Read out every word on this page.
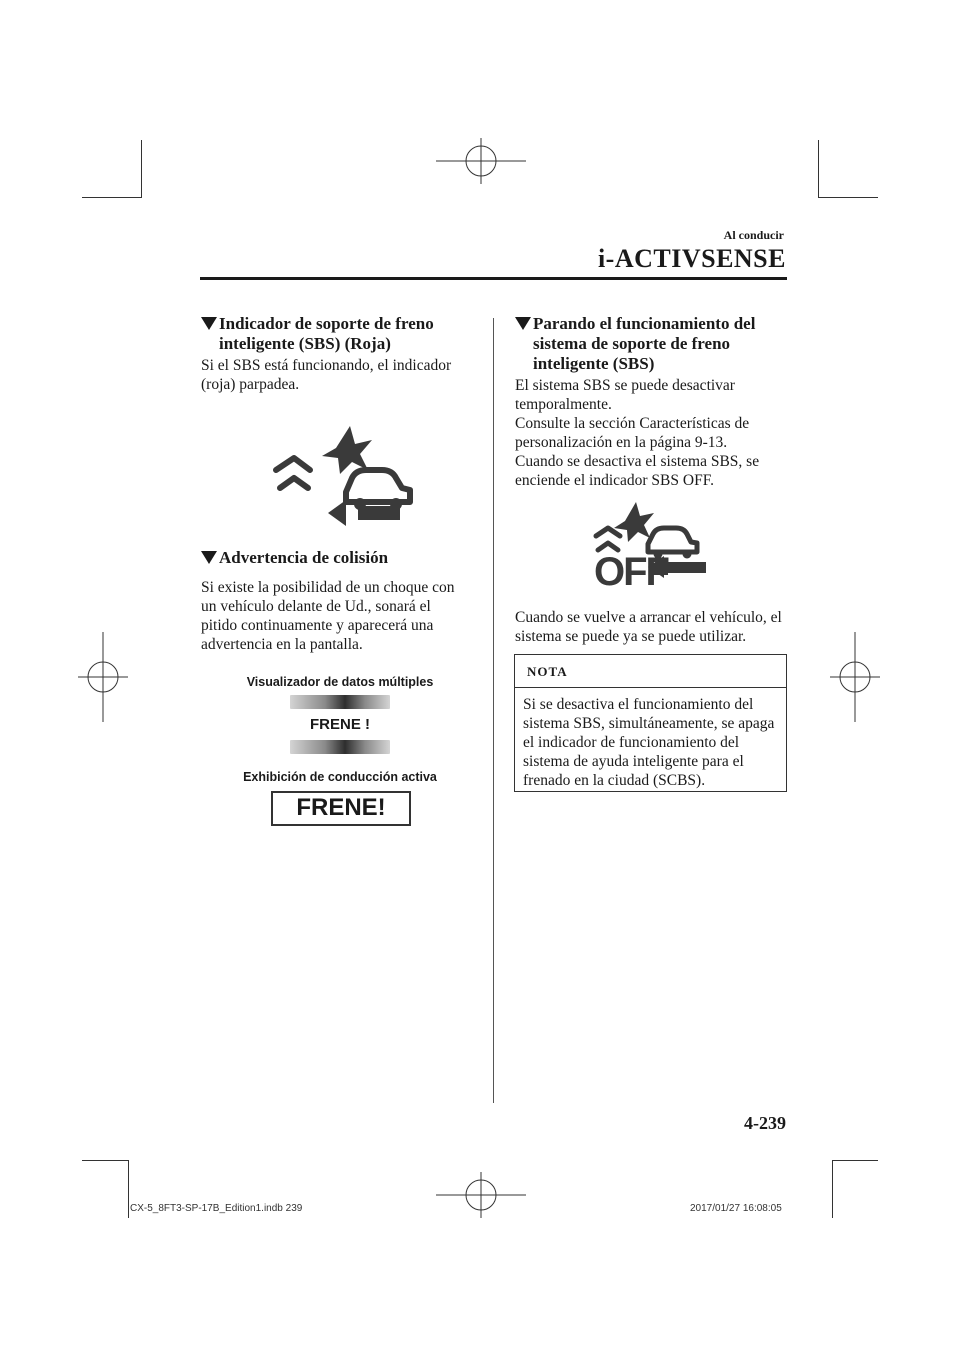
Al conducir
i-ACTIVSENSE
Indicador de soporte de freno inteligente (SBS) (Roja)
Si el SBS está funcionando, el indicador (roja) parpadea.
Advertencia de colisión
Si existe la posibilidad de un choque con un vehículo delante de Ud., sonará el pitido continuamente y aparecerá una advertencia en la pantalla.
Visualizador de datos múltiples
FRENE !
Exhibición de conducción activa
FRENE!
Parando el funcionamiento del sistema de soporte de freno inteligente (SBS)
El sistema SBS se puede desactivar
temporalmente.
Consulte la sección Características de
personalización en la página 9-13.
Cuando se desactiva el sistema SBS, se
enciende el indicador SBS OFF.
OFF
Cuando se vuelve a arrancar el vehículo, el sistema se puede ya se puede utilizar.
NOTA
Si se desactiva el funcionamiento del sistema SBS, simultáneamente, se apaga el indicador de funcionamiento del sistema de ayuda inteligente para el frenado en la ciudad (SCBS).
4-239
CX-5_8FT3-SP-17B_Edition1.indb 239	2017/01/27 16:08:05
